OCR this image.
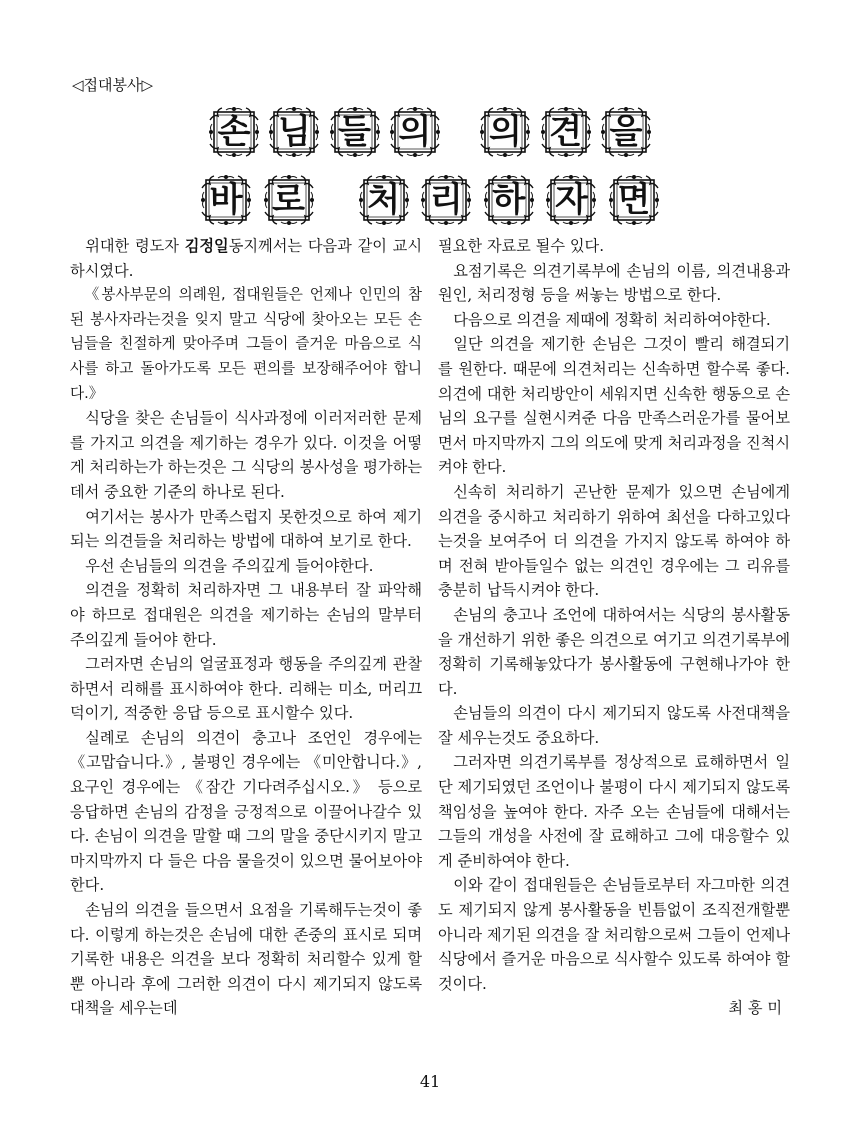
◁접대봉사▷
손 님 들 의 의 견 을
바 로 처 리 하 자 면

위대한 령도자 김정일동지께서는 다음과 같이 교시하시였다.

《봉사부문의 의례원, 접대원들은 언제나 인민의 참된 봉사자라는것을 잊지 말고 식당에 찾아오는 모든 손님들을 친절하게 맞아주며 그들이 즐거운 마음으로 식사를 하고 돌아가도록 모든 편의를 보장해주어야 합니다.》

식당을 찾은 손님들이 식사과정에 이러저러한 문제를 가지고 의견을 제기하는 경우가 있다. 이것을 어떻게 처리하는가 하는것은 그 식당의 봉사성을 평가하는데서 중요한 기준의 하나로 된다.

여기서는 봉사가 만족스럽지 못한것으로 하여 제기되는 의견들을 처리하는 방법에 대하여 보기로 한다.

우선 손님들의 의견을 주의깊게 들어야한다.

의견을 정확히 처리하자면 그 내용부터 잘 파악해야 하므로 접대원은 의견을 제기하는 손님의 말부터 주의깊게 들어야 한다.

그러자면 손님의 얼굴표정과 행동을 주의깊게 관찰하면서 리해를 표시하여야 한다. 리해는 미소, 머리끄덕이기, 적중한 응답 등으로 표시할수 있다.

실례로 손님의 의견이 충고나 조언인 경우에는 《고맙습니다.》, 불평인 경우에는 《미안합니다.》, 요구인 경우에는 《잠간 기다려주십시오.》 등으로 응답하면 손님의 감정을 긍정적으로 이끌어나갈수 있다. 손님이 의견을 말할 때 그의 말을 중단시키지 말고 마지막까지 다 들은 다음 물을것이 있으면 물어보아야 한다.

손님의 의견을 들으면서 요점을 기록해두는것이 좋다. 이렇게 하는것은 손님에 대한 존중의 표시로 되며 기록한 내용은 의견을 보다 정확히 처리할수 있게 할뿐 아니라 후에 그러한 의견이 다시 제기되지 않도록 대책을 세우는데

필요한 자료로 될수 있다.

요점기록은 의견기록부에 손님의 이름, 의견내용과 원인, 처리정형 등을 써놓는 방법으로 한다.

다음으로 의견을 제때에 정확히 처리하여야한다.

일단 의견을 제기한 손님은 그것이 빨리 해결되기를 원한다. 때문에 의견처리는 신속하면 할수록 좋다. 의견에 대한 처리방안이 세워지면 신속한 행동으로 손님의 요구를 실현시켜준 다음 만족스러운가를 물어보면서 마지막까지 그의 의도에 맞게 처리과정을 진척시켜야 한다.

신속히 처리하기 곤난한 문제가 있으면 손님에게 의견을 중시하고 처리하기 위하여 최선을 다하고있다는것을 보여주어 더 의견을 가지지 않도록 하여야 하며 전혀 받아들일수 없는 의견인 경우에는 그 리유를 충분히 납득시켜야 한다.

손님의 충고나 조언에 대하여서는 식당의 봉사활동을 개선하기 위한 좋은 의견으로 여기고 의견기록부에 정확히 기록해놓았다가 봉사활동에 구현해나가야 한다.

손님들의 의견이 다시 제기되지 않도록 사전대책을 잘 세우는것도 중요하다.

그러자면 의견기록부를 정상적으로 료해하면서 일단 제기되였던 조언이나 불평이 다시 제기되지 않도록 책임성을 높여야 한다. 자주 오는 손님들에 대해서는 그들의 개성을 사전에 잘 료해하고 그에 대응할수 있게 준비하여야 한다.

이와 같이 접대원들은 손님들로부터 자그마한 의견도 제기되지 않게 봉사활동을 빈틈없이 조직전개할뿐 아니라 제기된 의견을 잘 처리함으로써 그들이 언제나 식당에서 즐거운 마음으로 식사할수 있도록 하여야 할것이다.

최 홍 미

41
